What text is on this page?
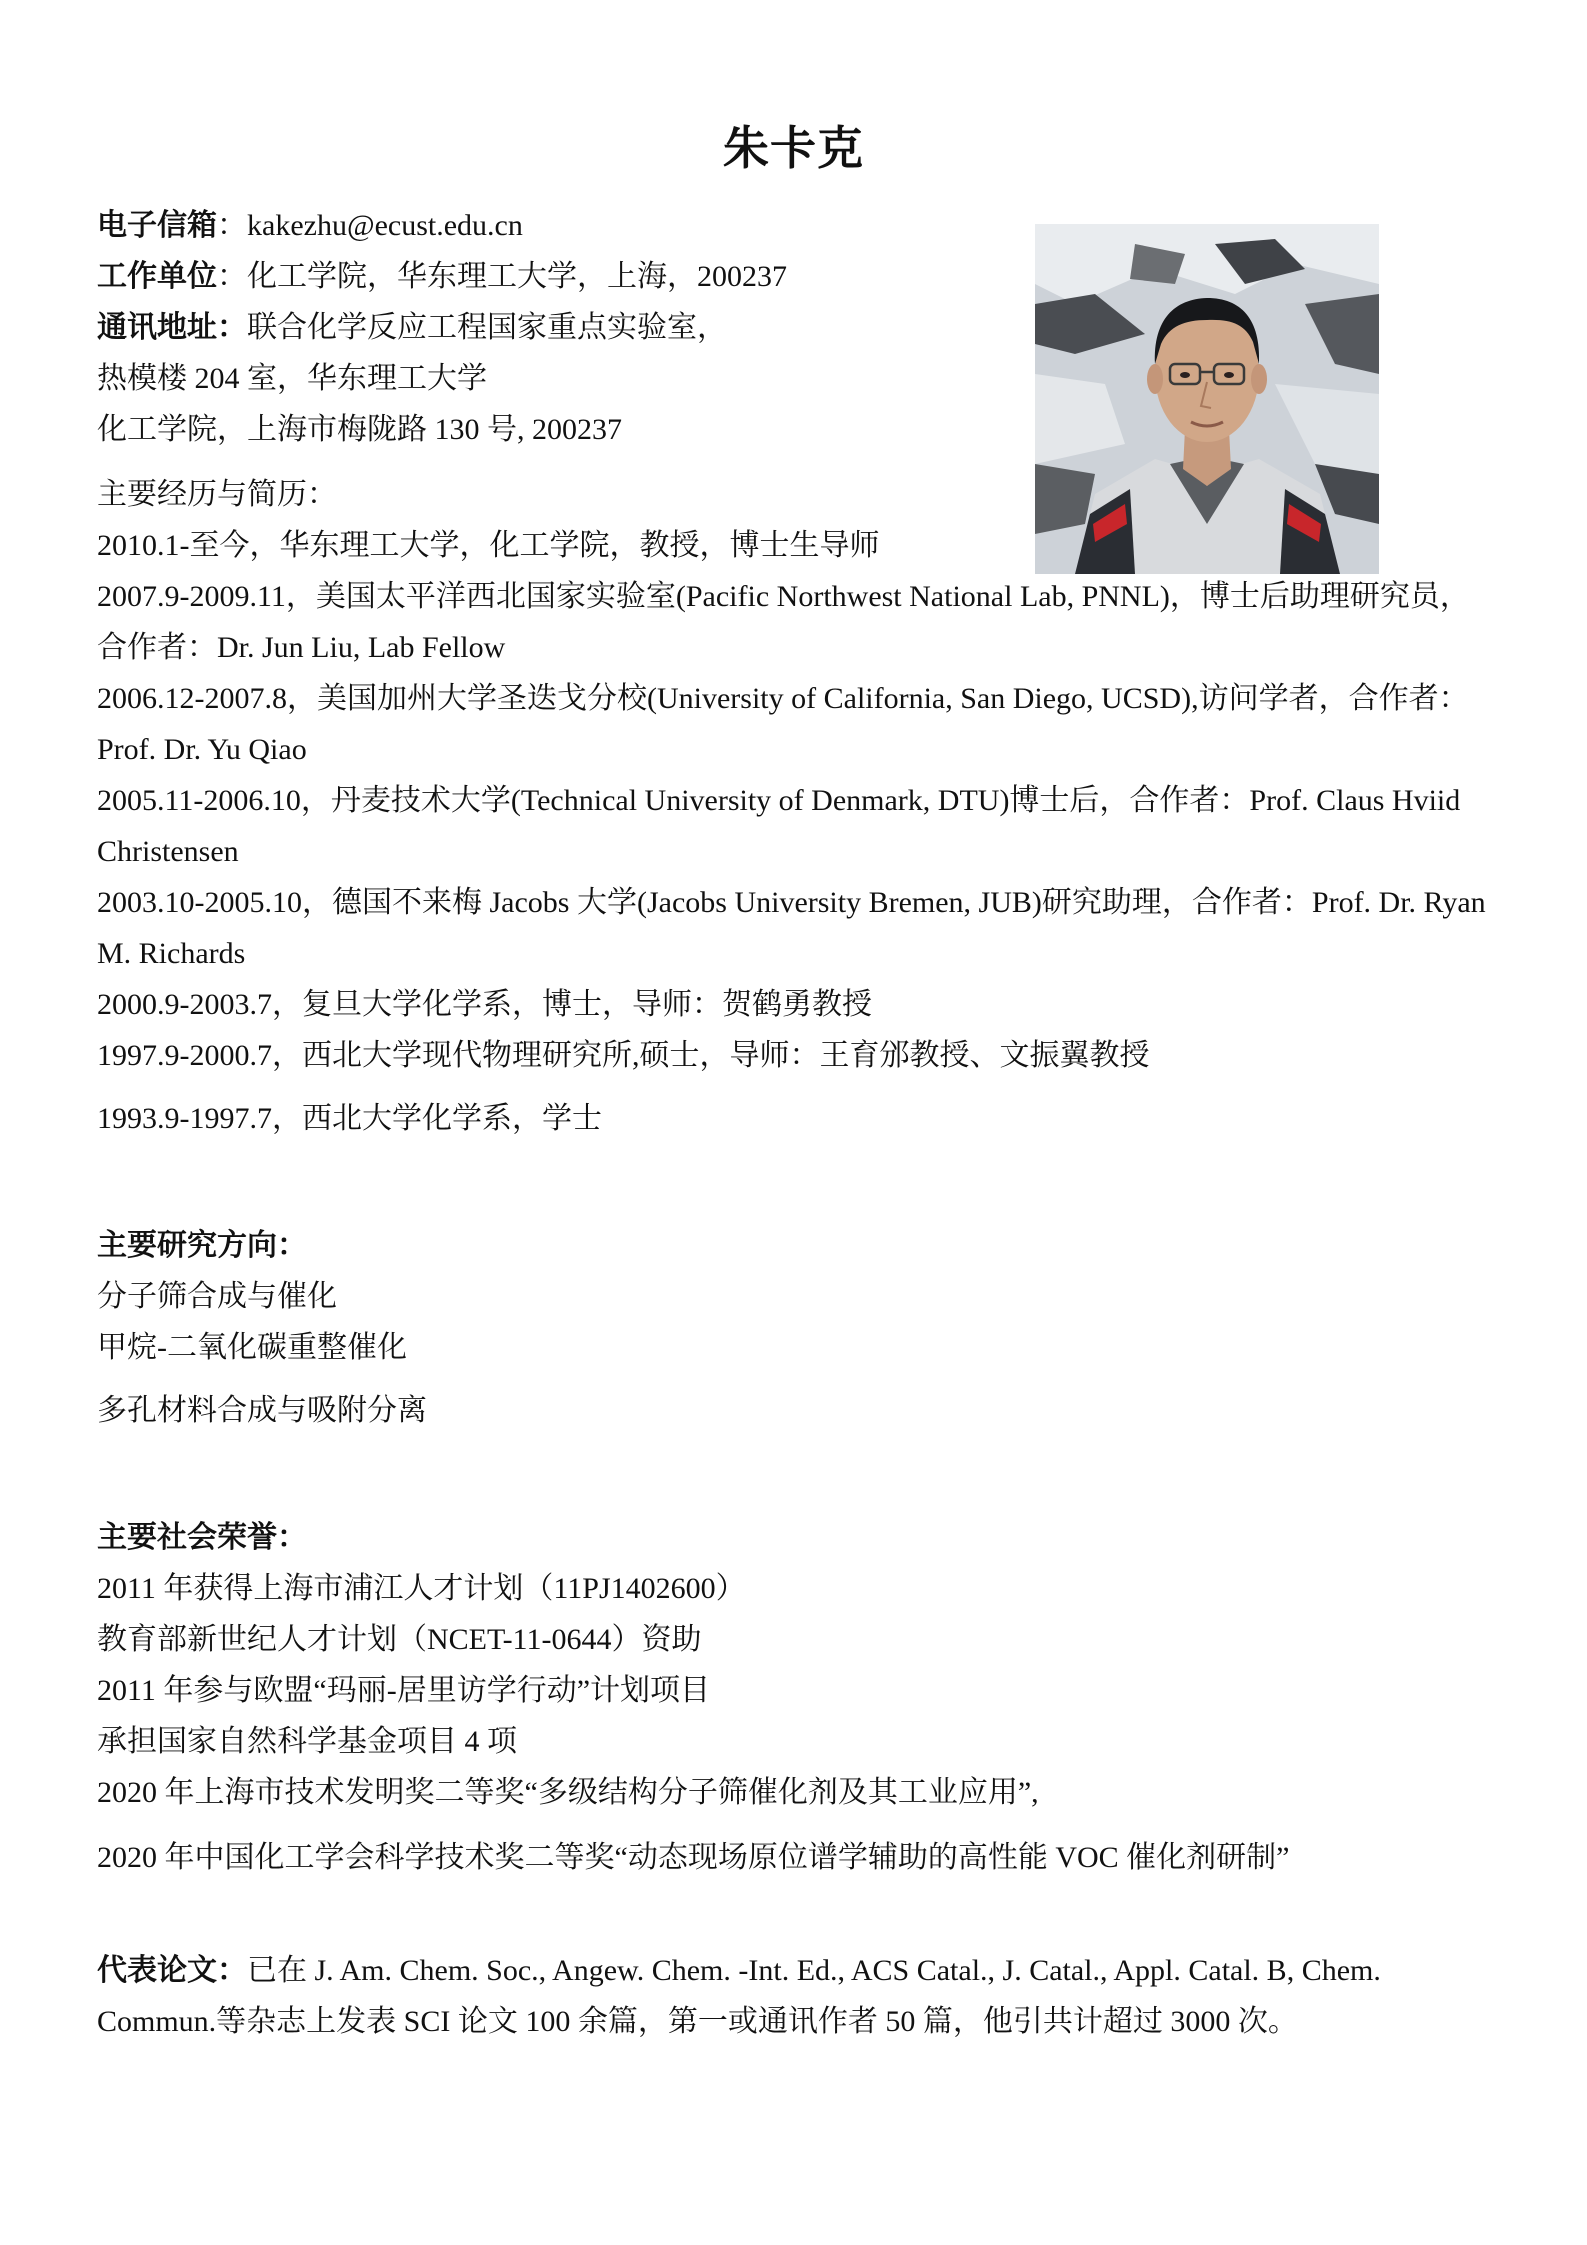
朱卡克
电子信箱：kakezhu@ecust.edu.cn
工作单位：化工学院，华东理工大学，上海，200237
通讯地址：联合化学反应工程国家重点实验室，
热模楼 204 室，华东理工大学
化工学院，上海市梅陇路 130 号, 200237
主要经历与简历：
2010.1-至今，华东理工大学，化工学院，教授，博士生导师
2007.9-2009.11，美国太平洋西北国家实验室(Pacific Northwest National Lab, PNNL)，博士后助理研究员，合作者：Dr. Jun Liu, Lab Fellow
2006.12-2007.8，美国加州大学圣迭戈分校(University of California, San Diego, UCSD),访问学者，合作者：Prof. Dr. Yu Qiao
2005.11-2006.10，丹麦技术大学(Technical University of Denmark, DTU)博士后，合作者：Prof. Claus Hviid Christensen
2003.10-2005.10，德国不来梅 Jacobs 大学(Jacobs University Bremen, JUB)研究助理，合作者：Prof. Dr. Ryan M. Richards
2000.9-2003.7，复旦大学化学系，博士，导师：贺鹤勇教授
1997.9-2000.7，西北大学现代物理研究所,硕士，导师：王育邠教授、文振翼教授
1993.9-1997.7，西北大学化学系，学士
主要研究方向：
分子筛合成与催化
甲烷-二氧化碳重整催化
多孔材料合成与吸附分离
主要社会荣誉：
2011 年获得上海市浦江人才计划（11PJ1402600）
教育部新世纪人才计划（NCET-11-0644）资助
2011 年参与欧盟“玛丽-居里访学行动”计划项目
承担国家自然科学基金项目 4 项
2020 年上海市技术发明奖二等奖“多级结构分子筛催化剂及其工业应用”,
2020 年中国化工学会科学技术奖二等奖“动态现场原位谱学辅助的高性能 VOC 催化剂研制”
代表论文：已在 J. Am. Chem. Soc., Angew. Chem. -Int. Ed., ACS Catal., J. Catal., Appl. Catal. B, Chem. Commun.等杂志上发表 SCI 论文 100 余篇，第一或通讯作者 50 篇，他引共计超过 3000 次。
